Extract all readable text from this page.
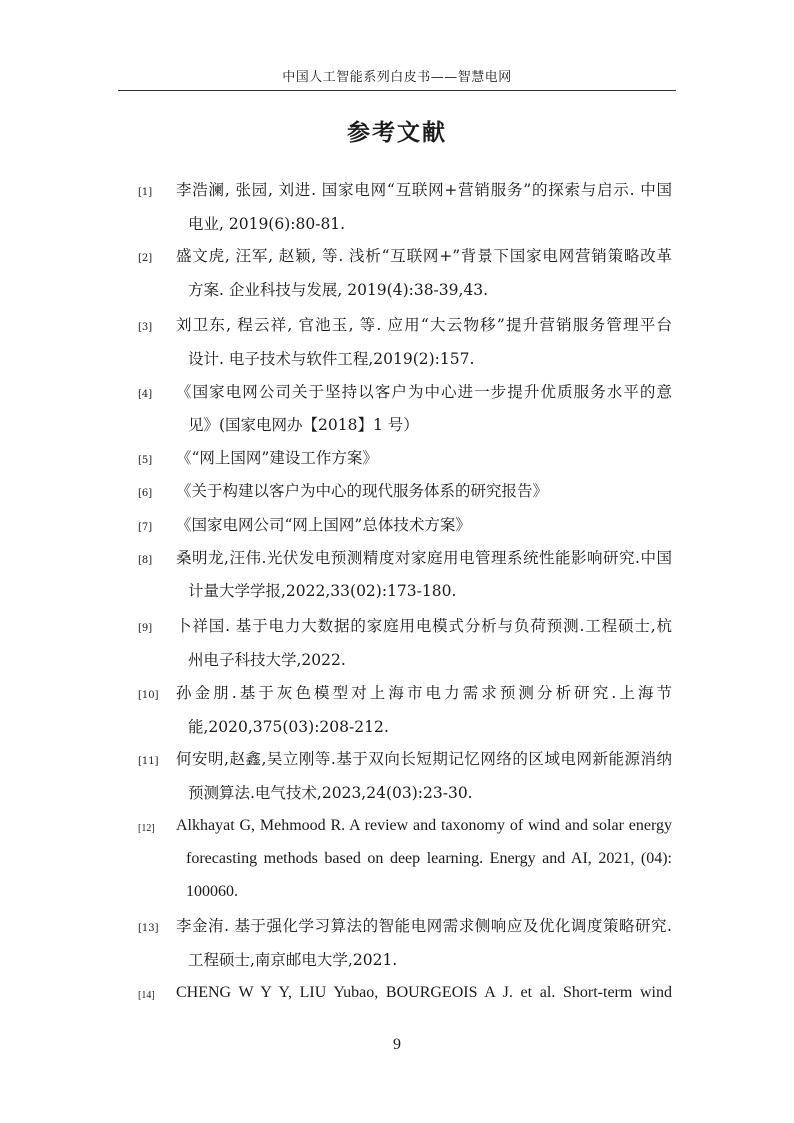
中国人工智能系列白皮书——智慧电网
参考文献
[1] 李浩澜, 张园, 刘进. 国家电网“互联网+营销服务”的探索与启示. 中国
电业, 2019(6):80-81.
[2] 盛文虎, 汪军, 赵颖, 等. 浅析“互联网+”背景下国家电网营销策略改革
方案. 企业科技与发展, 2019(4):38-39,43.
[3] 刘卫东, 程云祥, 官池玉, 等. 应用“大云物移”提升营销服务管理平台
设计. 电子技术与软件工程,2019(2):157.
[4] 《国家电网公司关于坚持以客户为中心进一步提升优质服务水平的意
见》(国家电网办【2018】1 号）
[5] 《“网上国网”建设工作方案》
[6] 《关于构建以客户为中心的现代服务体系的研究报告》
[7] 《国家电网公司“网上国网”总体技术方案》
[8] 桑明龙,汪伟.光伏发电预测精度对家庭用电管理系统性能影响研究.中国
计量大学学报,2022,33(02):173-180.
[9] 卜祥国. 基于电力大数据的家庭用电模式分析与负荷预测.工程硕士,杭
州电子科技大学,2022.
[10] 孙金朋.基于灰色模型对上海市电力需求预测分析研究.上海节
能,2020,375(03):208-212.
[11] 何安明,赵鑫,吴立刚等.基于双向长短期记忆网络的区域电网新能源消纳
预测算法.电气技术,2023,24(03):23-30.
[12] Alkhayat G, Mehmood R. A review and taxonomy of wind and solar energy
forecasting methods based on deep learning. Energy and AI, 2021, (04):
100060.
[13] 李金洧. 基于强化学习算法的智能电网需求侧响应及优化调度策略研究.
工程硕士,南京邮电大学,2021.
[14] CHENG W Y Y, LIU Yubao, BOURGEOIS A J. et al. Short-term wind
9
